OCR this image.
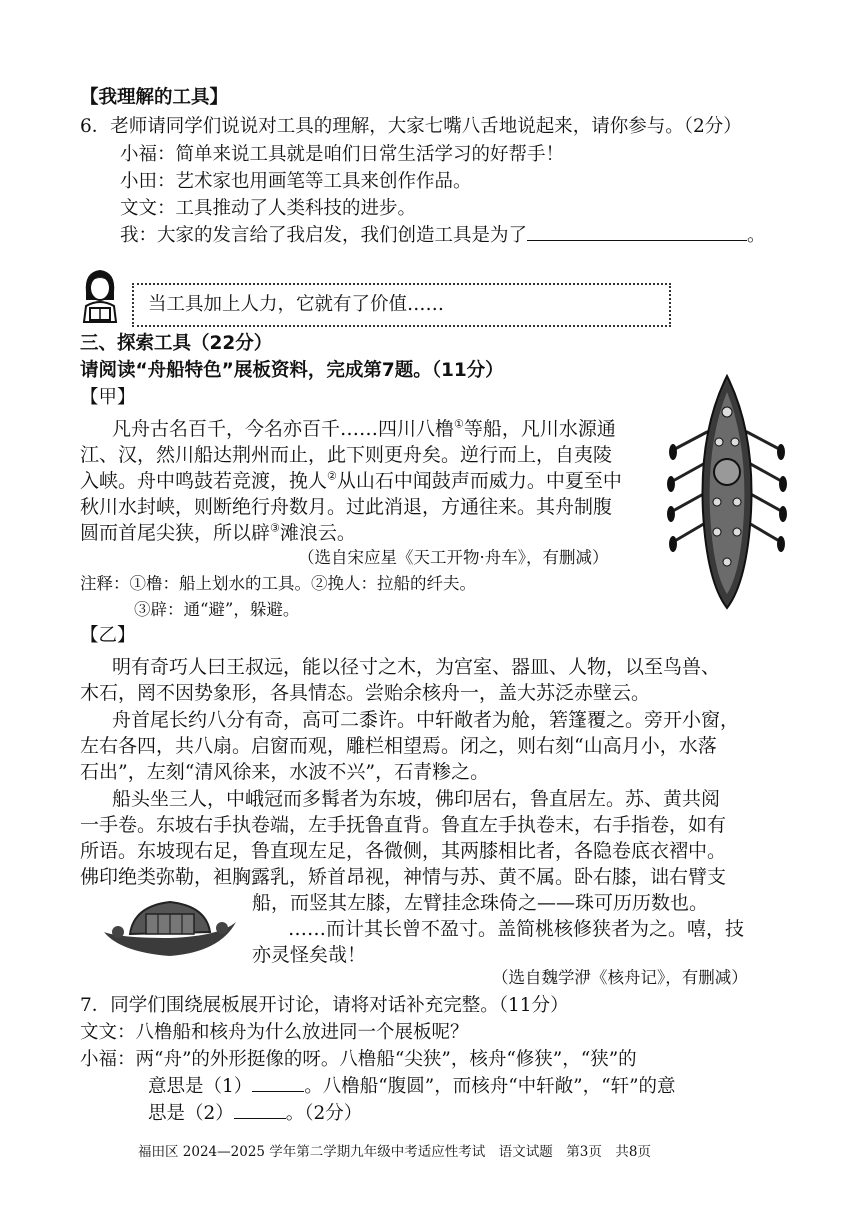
【我理解的工具】
6．老师请同学们说说对工具的理解，大家七嘴八舌地说起来，请你参与。（2分）
小福：简单来说工具就是咱们日常生活学习的好帮手！
小田：艺术家也用画笔等工具来创作作品。
文文：工具推动了人类科技的进步。
我：大家的发言给了我启发，我们创造工具是为了	。
当工具加上人力，它就有了价值……
三、探索工具（22分）
请阅读“舟船特色”展板资料，完成第7题。（11分）
【甲】
凡舟古名百千，今名亦百千……四川八橹①等船，凡川水源通
江、汉，然川船达荆州而止，此下则更舟矣。逆行而上，自夷陵
入峡。舟中鸣鼓若竞渡，挽人②从山石中闻鼓声而威力。中夏至中
秋川水封峡，则断绝行舟数月。过此消退，方通往来。其舟制腹
圆而首尾尖狭，所以辟③滩浪云。
（选自宋应星《天工开物·舟车》，有删减）
注释：①橹：船上划水的工具。②挽人：拉船的纤夫。
③辟：通“避”，躲避。
【乙】
明有奇巧人曰王叔远，能以径寸之木，为宫室、器皿、人物，以至鸟兽、
木石，罔不因势象形，各具情态。尝贻余核舟一，盖大苏泛赤壁云。
舟首尾长约八分有奇，高可二黍许。中轩敞者为舱，箬篷覆之。旁开小窗，
左右各四，共八扇。启窗而观，雕栏相望焉。闭之，则右刻“山高月小，水落
石出”，左刻“清风徐来，水波不兴”，石青糁之。
船头坐三人，中峨冠而多髯者为东坡，佛印居右，鲁直居左。苏、黄共阅
一手卷。东坡右手执卷端，左手抚鲁直背。鲁直左手执卷末，右手指卷，如有
所语。东坡现右足，鲁直现左足，各微侧，其两膝相比者，各隐卷底衣褶中。
佛印绝类弥勒，袒胸露乳，矫首昂视，神情与苏、黄不属。卧右膝，诎右臂支
船，而竖其左膝，左臂挂念珠倚之——珠可历历数也。
……而计其长曾不盈寸。盖简桃核修狭者为之。嘻，技
亦灵怪矣哉！
（选自魏学洢《核舟记》，有删减）
7．同学们围绕展板展开讨论，请将对话补充完整。（11分）
文文：八橹船和核舟为什么放进同一个展板呢？
小福：两“舟”的外形挺像的呀。八橹船“尖狭”，核舟“修狭”，“狭”的
意思是（1）	。八橹船“腹圆”，而核舟“中轩敞”，“轩”的意
思是（2）	。（2分）
福田区 2024—2025 学年第二学期九年级中考适应性考试　语文试题　第3页　共8页
